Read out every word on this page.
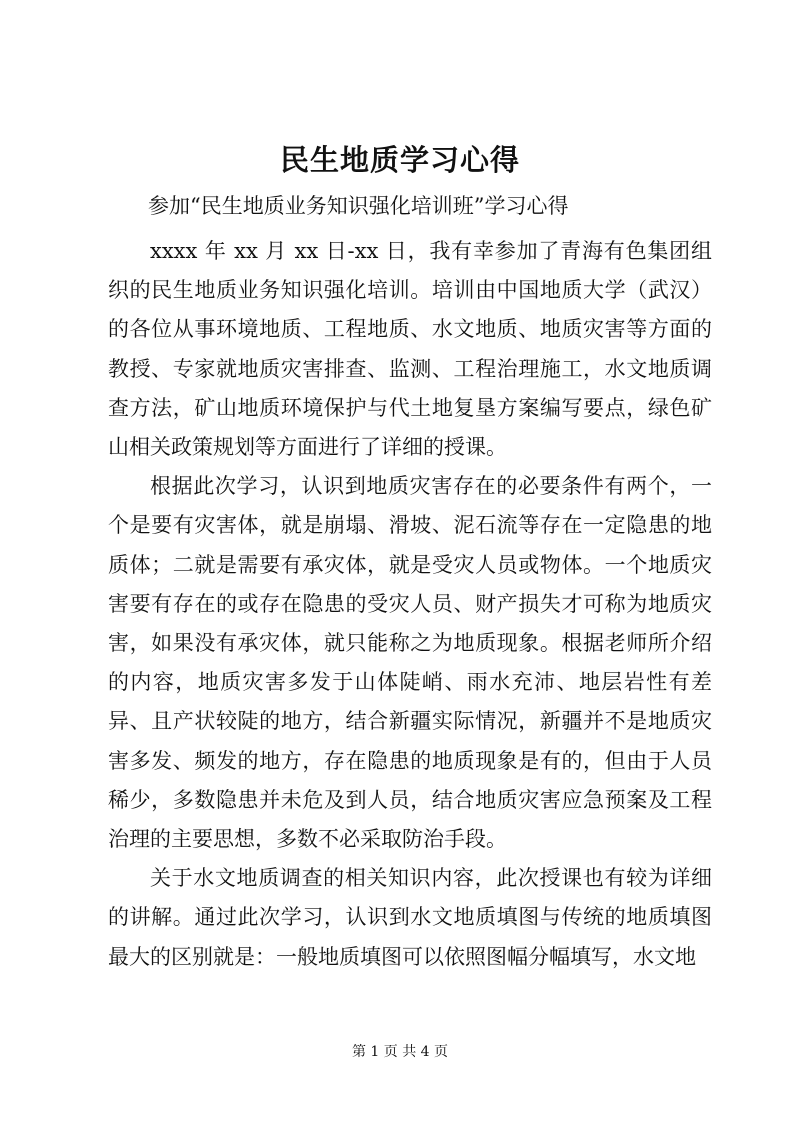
民生地质学习心得
参加“民生地质业务知识强化培训班”学习心得

xxxx 年 xx 月 xx 日-xx 日，我有幸参加了青海有色集团组织的民生地质业务知识强化培训。培训由中国地质大学（武汉）的各位从事环境地质、工程地质、水文地质、地质灾害等方面的教授、专家就地质灾害排查、监测、工程治理施工，水文地质调查方法，矿山地质环境保护与代土地复垦方案编写要点，绿色矿山相关政策规划等方面进行了详细的授课。

根据此次学习，认识到地质灾害存在的必要条件有两个，一个是要有灾害体，就是崩塌、滑坡、泥石流等存在一定隐患的地质体；二就是需要有承灾体，就是受灾人员或物体。一个地质灾害要有存在的或存在隐患的受灾人员、财产损失才可称为地质灾害，如果没有承灾体，就只能称之为地质现象。根据老师所介绍的内容，地质灾害多发于山体陡峭、雨水充沛、地层岩性有差异、且产状较陡的地方，结合新疆实际情况，新疆并不是地质灾害多发、频发的地方，存在隐患的地质现象是有的，但由于人员稀少，多数隐患并未危及到人员，结合地质灾害应急预案及工程治理的主要思想，多数不必采取防治手段。

关于水文地质调查的相关知识内容，此次授课也有较为详细的讲解。通过此次学习，认识到水文地质填图与传统的地质填图最大的区别就是：一般地质填图可以依照图幅分幅填写，水文地

第 1 页 共 4 页
